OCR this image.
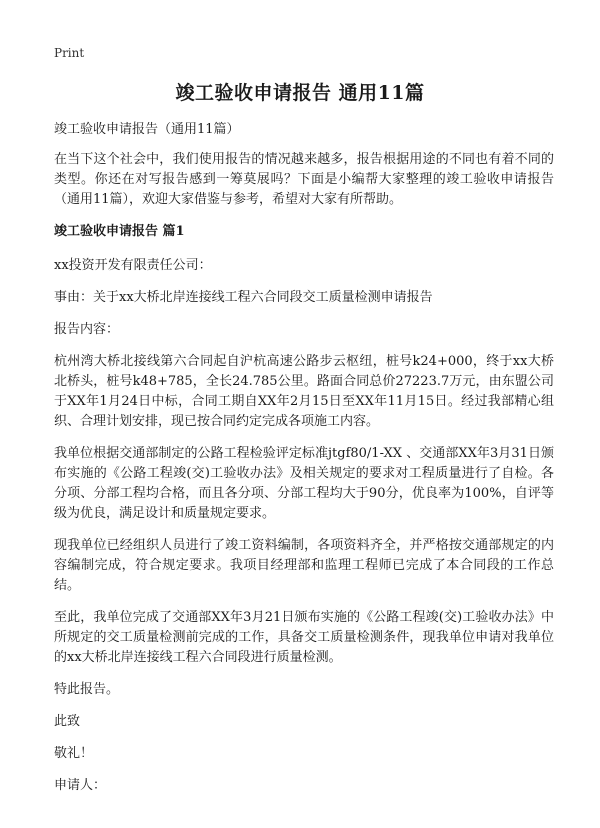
Print
竣工验收申请报告 通用11篇

竣工验收申请报告（通用11篇）

在当下这个社会中，我们使用报告的情况越来越多，报告根据用途的不同也有着不同的类型。你还在对写报告感到一筹莫展吗？下面是小编帮大家整理的竣工验收申请报告（通用11篇），欢迎大家借鉴与参考，希望对大家有所帮助。

竣工验收申请报告 篇1

xx投资开发有限责任公司：

事由：关于xx大桥北岸连接线工程六合同段交工质量检测申请报告

报告内容：

杭州湾大桥北接线第六合同起自沪杭高速公路步云枢纽，桩号k24+000，终于xx大桥北桥头，桩号k48+785，全长24.785公里。路面合同总价27223.7万元，由东盟公司于XX年1月24日中标，合同工期自XX年2月15日至XX年11月15日。经过我部精心组织、合理计划安排，现已按合同约定完成各项施工内容。

我单位根据交通部制定的公路工程检验评定标准jtgf80/1-XX 、交通部XX年3月31日颁布实施的《公路工程竣(交)工验收办法》及相关规定的要求对工程质量进行了自检。各分项、分部工程均合格，而且各分项、分部工程均大于90分，优良率为100%，自评等级为优良，满足设计和质量规定要求。

现我单位已经组织人员进行了竣工资料编制，各项资料齐全，并严格按交通部规定的内容编制完成，符合规定要求。我项目经理部和监理工程师已完成了本合同段的工作总结。

至此，我单位完成了交通部XX年3月21日颁布实施的《公路工程竣(交)工验收办法》中所规定的交工质量检测前完成的工作，具备交工质量检测条件，现我单位申请对我单位的xx大桥北岸连接线工程六合同段进行质量检测。

特此报告。

此致

敬礼！

申请人：
